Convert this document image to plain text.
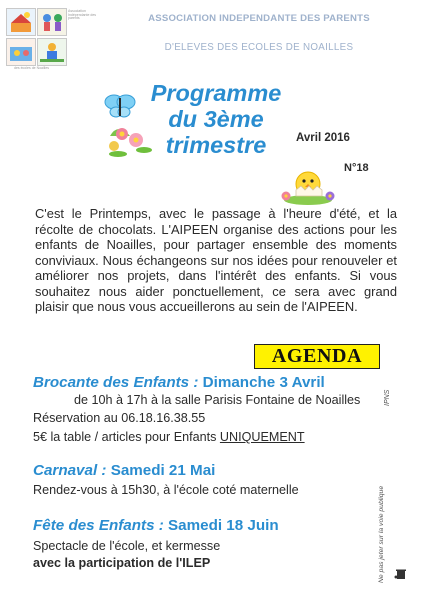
Association Indépendante des parents
des écoles de Noailles
ASSOCIATION INDEPENDANTE DES PARENTS
D'ELEVES DES ECOLES DE NOAILLES
Programme
du 3ème
trimestre	Avril 2016
N°18

C'est le Printemps, avec le passage à l'heure d'été, et la récolte de chocolats. L'AIPEEN organise des actions pour les enfants de Noailles, pour partager ensemble des moments conviviaux. Nous échangeons sur nos idées pour renouveler et améliorer nos projets, dans l'intérêt des enfants. Si vous souhaitez nous aider ponctuellement, ce sera avec grand plaisir que nous vous accueillerons au sein de l'AIPEEN.

AGENDA
Brocante des Enfants : Dimanche 3 Avril
de 10h à 17h à la salle Parisis Fontaine de Noailles
Réservation au 06.18.16.38.55
5€ la table / articles pour Enfants UNIQUEMENT
Carnaval : Samedi 21 Mai
Rendez-vous à 15h30, à l'école coté maternelle
Fête des Enfants : Samedi 18 Juin
Spectacle de l'école, et kermesse
avec la participation de l'ILEP	Ne pas jeter sur la voie publique
IPNS
